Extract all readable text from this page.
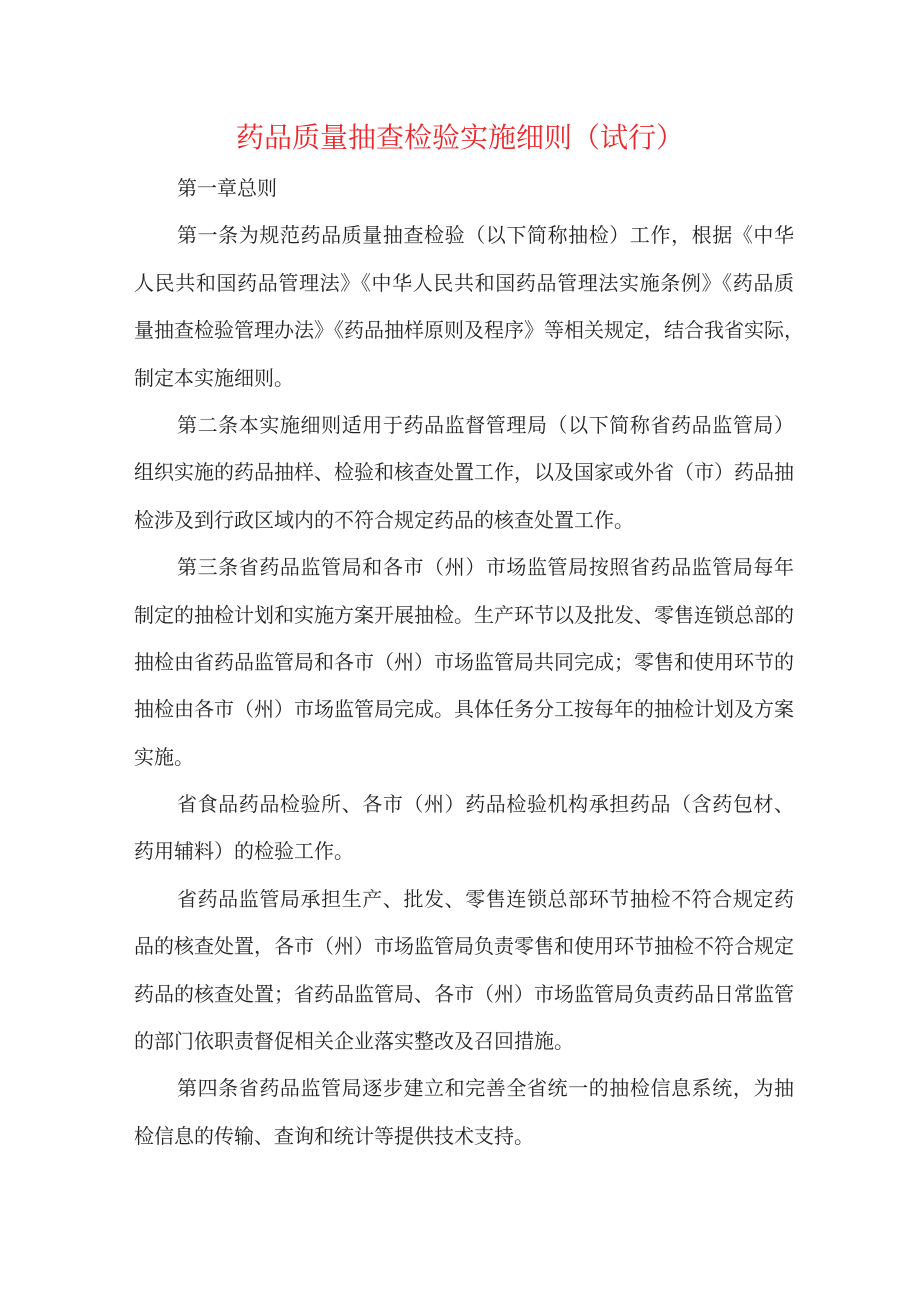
药品质量抽查检验实施细则（试行）
第一章总则
第一条为规范药品质量抽查检验（以下简称抽检）工作，根据《中华
人民共和国药品管理法》《中华人民共和国药品管理法实施条例》《药品质
量抽查检验管理办法》《药品抽样原则及程序》等相关规定，结合我省实际，
制定本实施细则。
第二条本实施细则适用于药品监督管理局（以下简称省药品监管局）
组织实施的药品抽样、检验和核查处置工作，以及国家或外省（市）药品抽
检涉及到行政区域内的不符合规定药品的核查处置工作。
第三条省药品监管局和各市（州）市场监管局按照省药品监管局每年
制定的抽检计划和实施方案开展抽检。生产环节以及批发、零售连锁总部的
抽检由省药品监管局和各市（州）市场监管局共同完成；零售和使用环节的
抽检由各市（州）市场监管局完成。具体任务分工按每年的抽检计划及方案
实施。
省食品药品检验所、各市（州）药品检验机构承担药品（含药包材、
药用辅料）的检验工作。
省药品监管局承担生产、批发、零售连锁总部环节抽检不符合规定药
品的核查处置，各市（州）市场监管局负责零售和使用环节抽检不符合规定
药品的核查处置；省药品监管局、各市（州）市场监管局负责药品日常监管
的部门依职责督促相关企业落实整改及召回措施。
第四条省药品监管局逐步建立和完善全省统一的抽检信息系统，为抽
检信息的传输、查询和统计等提供技术支持。
